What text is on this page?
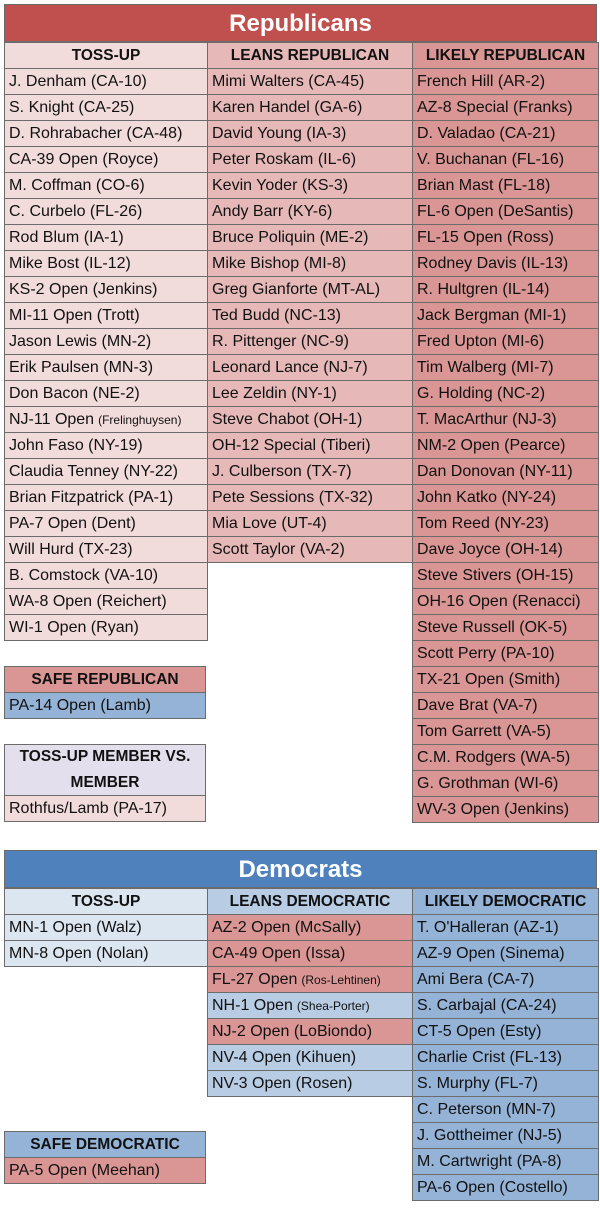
Republicans
TOSS-UP
J. Denham (CA-10)
S. Knight (CA-25)
D. Rohrabacher (CA-48)
CA-39 Open (Royce)
M. Coffman (CO-6)
C. Curbelo (FL-26)
Rod Blum (IA-1)
Mike Bost (IL-12)
KS-2 Open (Jenkins)
MI-11 Open (Trott)
Jason Lewis (MN-2)
Erik Paulsen (MN-3)
Don Bacon (NE-2)
NJ-11 Open (Frelinghuysen)
John Faso (NY-19)
Claudia Tenney (NY-22)
Brian Fitzpatrick (PA-1)
PA-7 Open (Dent)
Will Hurd (TX-23)
B. Comstock (VA-10)
WA-8 Open (Reichert)
WI-1 Open (Ryan)
LEANS REPUBLICAN
Mimi Walters (CA-45)
Karen Handel (GA-6)
David Young (IA-3)
Peter Roskam (IL-6)
Kevin Yoder (KS-3)
Andy Barr (KY-6)
Bruce Poliquin (ME-2)
Mike Bishop (MI-8)
Greg Gianforte (MT-AL)
Ted Budd (NC-13)
R. Pittenger (NC-9)
Leonard Lance (NJ-7)
Lee Zeldin (NY-1)
Steve Chabot (OH-1)
OH-12 Special (Tiberi)
J. Culberson (TX-7)
Pete Sessions (TX-32)
Mia Love (UT-4)
Scott Taylor (VA-2)
LIKELY REPUBLICAN
French Hill (AR-2)
AZ-8 Special (Franks)
D. Valadao (CA-21)
V. Buchanan (FL-16)
Brian Mast (FL-18)
FL-6 Open (DeSantis)
FL-15 Open (Ross)
Rodney Davis (IL-13)
R. Hultgren (IL-14)
Jack Bergman (MI-1)
Fred Upton (MI-6)
Tim Walberg (MI-7)
G. Holding (NC-2)
T. MacArthur (NJ-3)
NM-2 Open (Pearce)
Dan Donovan (NY-11)
John Katko (NY-24)
Tom Reed (NY-23)
Dave Joyce (OH-14)
Steve Stivers (OH-15)
OH-16 Open (Renacci)
Steve Russell (OK-5)
Scott Perry (PA-10)
TX-21 Open (Smith)
Dave Brat (VA-7)
Tom Garrett (VA-5)
C.M. Rodgers (WA-5)
G. Grothman (WI-6)
WV-3 Open (Jenkins)
SAFE REPUBLICAN
PA-14 Open (Lamb)
TOSS-UP MEMBER VS. MEMBER
Rothfus/Lamb (PA-17)
Democrats
TOSS-UP
MN-1 Open (Walz)
MN-8 Open (Nolan)
LEANS DEMOCRATIC
AZ-2 Open (McSally)
CA-49 Open (Issa)
FL-27 Open (Ros-Lehtinen)
NH-1 Open (Shea-Porter)
NJ-2 Open (LoBiondo)
NV-4 Open (Kihuen)
NV-3 Open (Rosen)
LIKELY DEMOCRATIC
T. O'Halleran (AZ-1)
AZ-9 Open (Sinema)
Ami Bera (CA-7)
S. Carbajal (CA-24)
CT-5 Open (Esty)
Charlie Crist (FL-13)
S. Murphy (FL-7)
C. Peterson (MN-7)
J. Gottheimer (NJ-5)
M. Cartwright (PA-8)
PA-6 Open (Costello)
SAFE DEMOCRATIC
PA-5 Open (Meehan)
